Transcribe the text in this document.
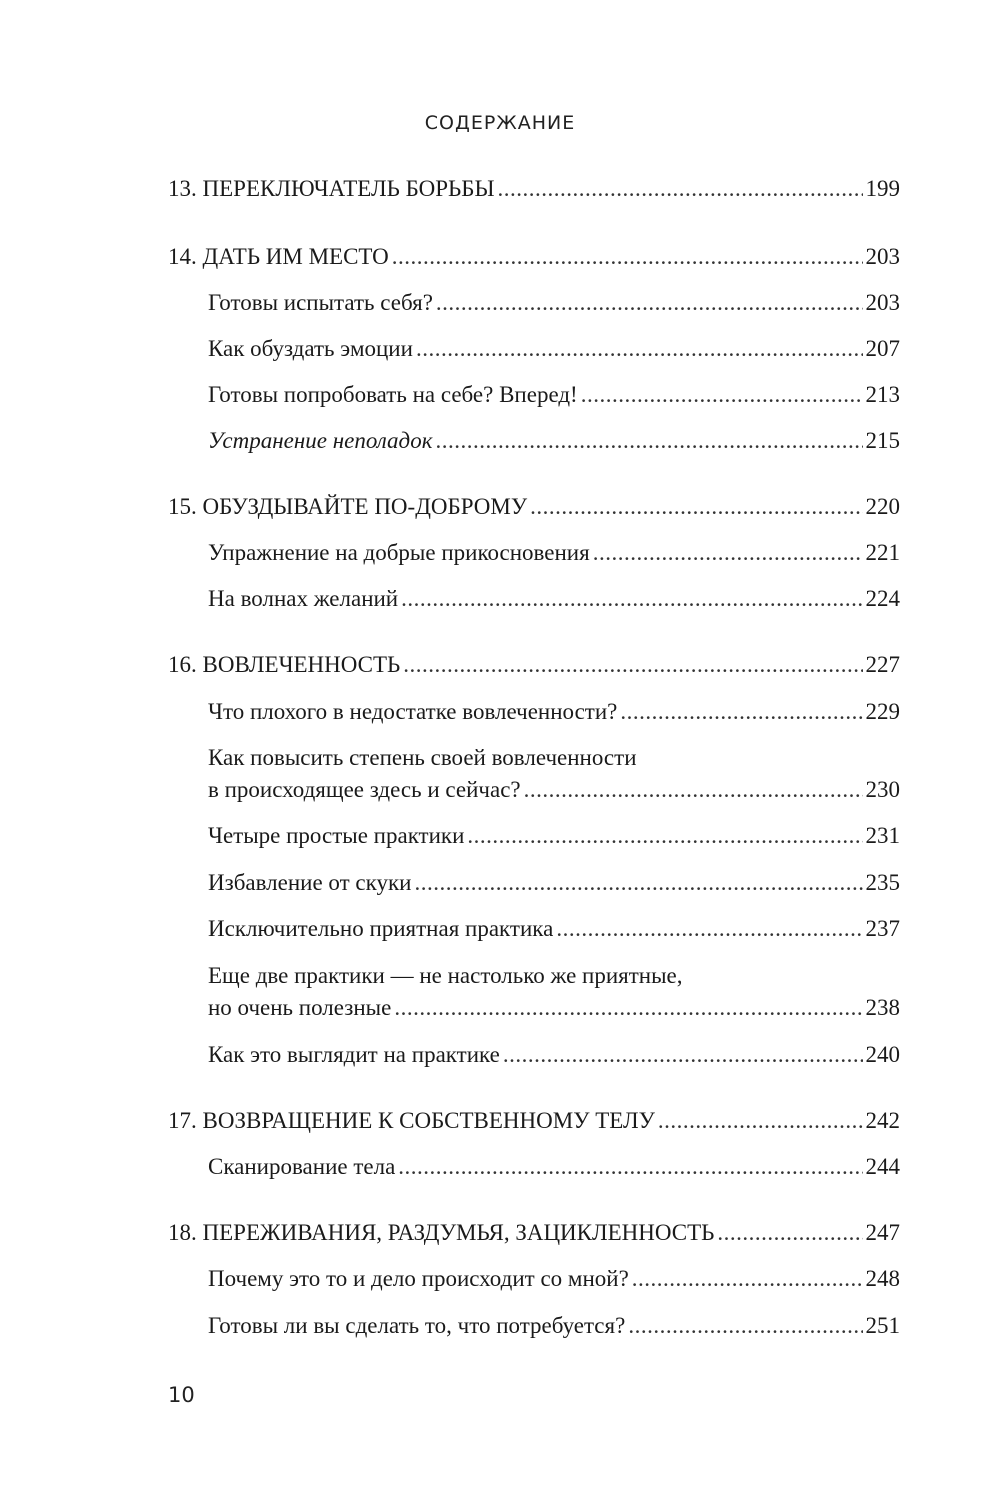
СОДЕРЖАНИЕ
13. ПЕРЕКЛЮЧАТЕЛЬ БОРЬБЫ .....	199
14. ДАТЬ ИМ МЕСТО .....	203
Готовы испытать себя? .....	203
Как обуздать эмоции .....	207
Готовы попробовать на себе? Вперед! .....	213
Устранение неполадок .....	215
15. ОБУЗДЫВАЙТЕ ПО-ДОБРОМУ .....	220
Упражнение на добрые прикосновения .....	221
На волнах желаний .....	224
16. ВОВЛЕЧЕННОСТЬ .....	227
Что плохого в недостатке вовлеченности? .....	229
Как повысить степень своей вовлеченности
в происходящее здесь и сейчас? .....	230
Четыре простые практики .....	231
Избавление от скуки .....	235
Исключительно приятная практика .....	237
Еще две практики — не настолько же приятные,
но очень полезные .....	238
Как это выглядит на практике .....	240
17. ВОЗВРАЩЕНИЕ К СОБСТВЕННОМУ ТЕЛУ .....	242
Сканирование тела .....	244
18. ПЕРЕЖИВАНИЯ, РАЗДУМЬЯ, ЗАЦИКЛЕННОСТЬ .....	247
Почему это то и дело происходит со мной? .....	248
Готовы ли вы сделать то, что потребуется? .....	251
10
